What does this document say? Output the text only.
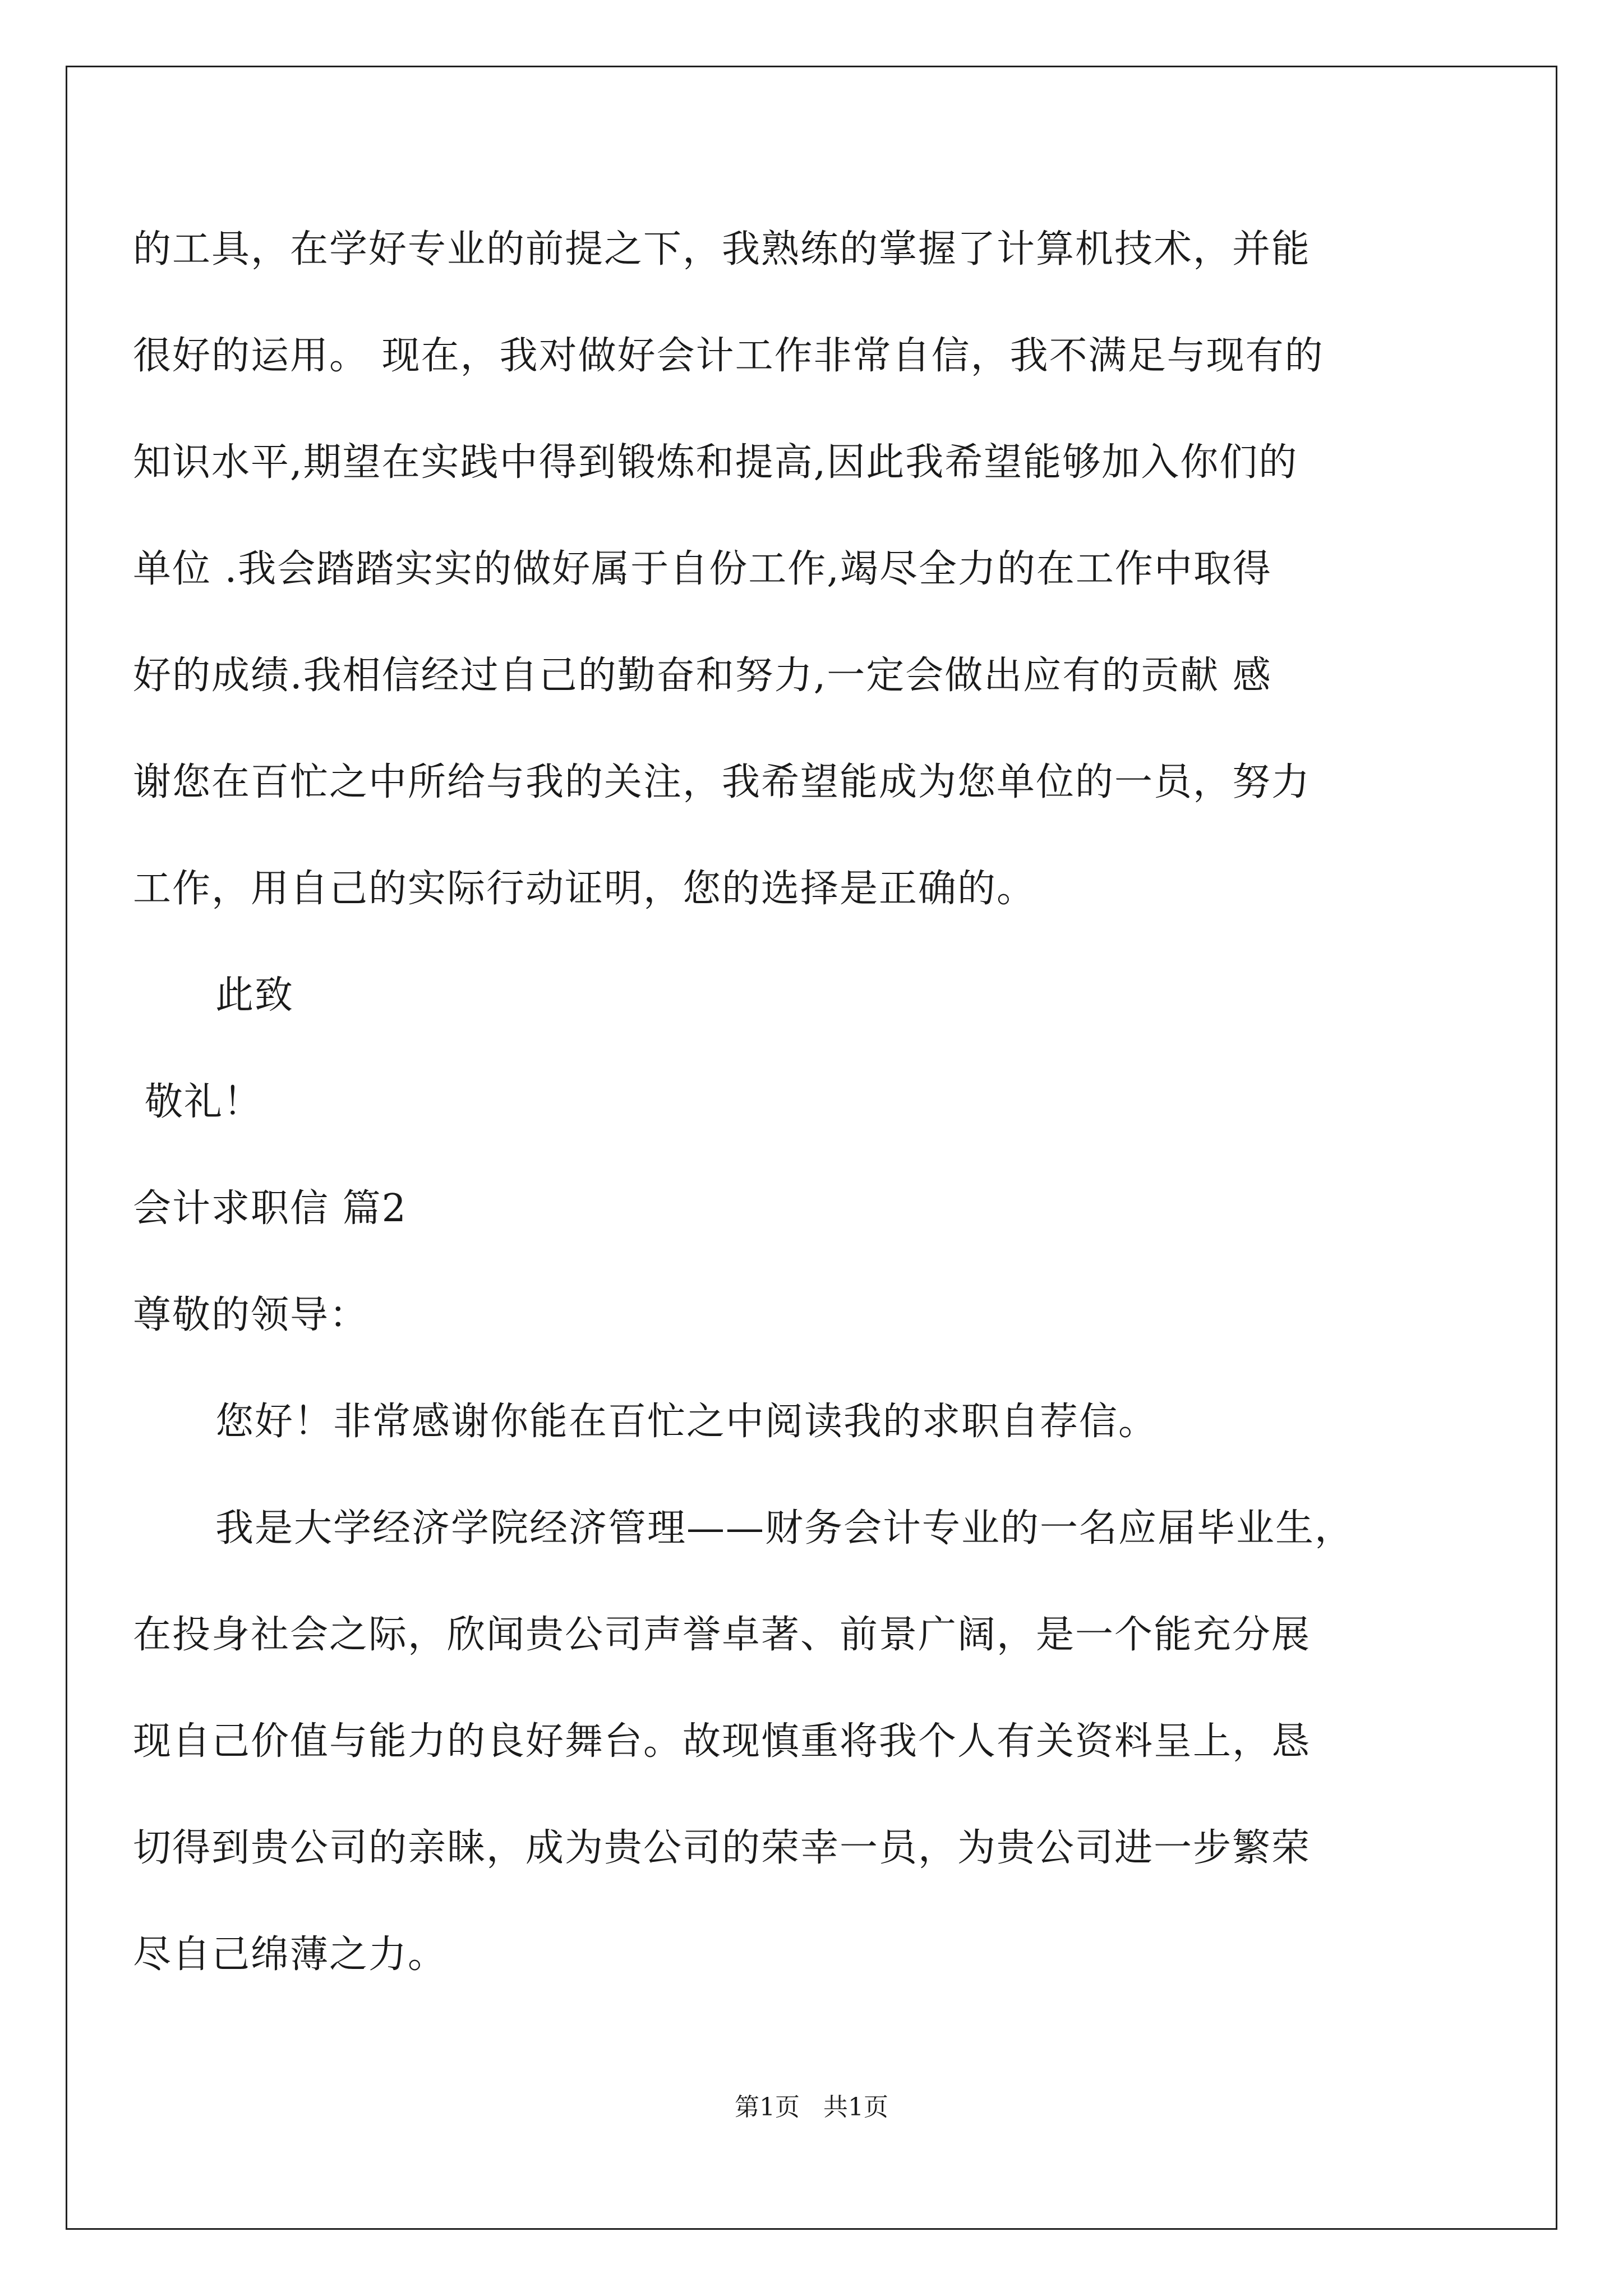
的工具，在学好专业的前提之下，我熟练的掌握了计算机技术，并能
很好的运用。 现在，我对做好会计工作非常自信，我不满足与现有的
知识水平,期望在实践中得到锻炼和提高,因此我希望能够加入你们的
单位 .我会踏踏实实的做好属于自份工作,竭尽全力的在工作中取得
好的成绩.我相信经过自己的勤奋和努力,一定会做出应有的贡献 感
谢您在百忙之中所给与我的关注，我希望能成为您单位的一员，努力
工作，用自己的实际行动证明，您的选择是正确的。
此致
敬礼！
会计求职信 篇2
尊敬的领导：
您好！非常感谢你能在百忙之中阅读我的求职自荐信。
我是大学经济学院经济管理——财务会计专业的一名应届毕业生，
在投身社会之际，欣闻贵公司声誉卓著、前景广阔，是一个能充分展
现自己价值与能力的良好舞台。故现慎重将我个人有关资料呈上，恳
切得到贵公司的亲睐，成为贵公司的荣幸一员，为贵公司进一步繁荣
尽自己绵薄之力。
第1页   共1页
